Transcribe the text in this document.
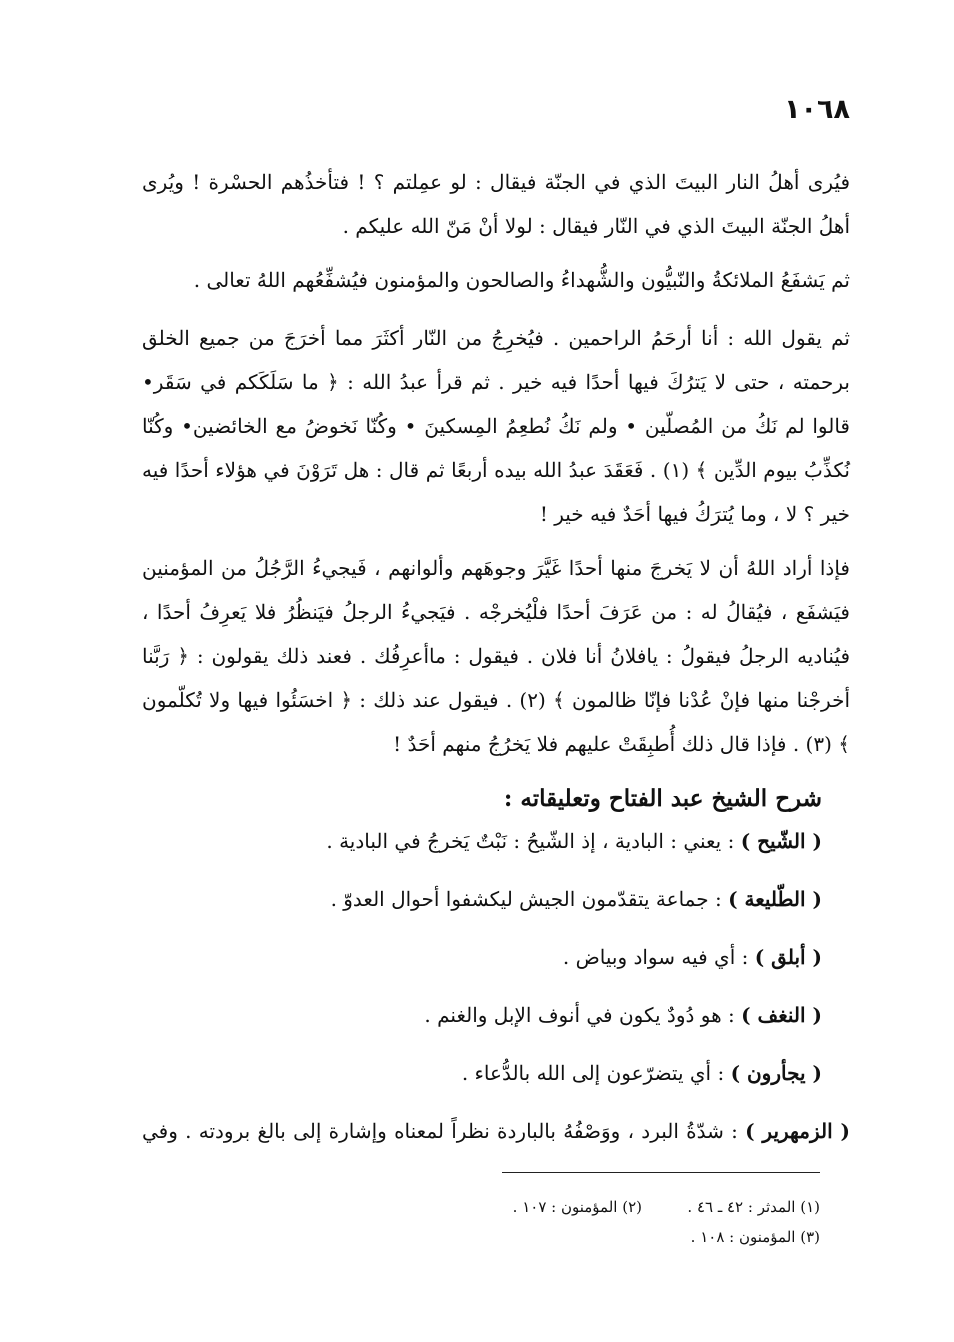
١٠٦٨

فيُرى أهلُ النار البيتَ الذي في الجنّة فيقال : لو عمِلتم ؟ ! فتأخذُهم الحسْرة ! ويُرى أهلُ الجنّة البيتَ الذي في النّار فيقال : لولا أنْ مَنّ الله عليكم .

ثم يَشفَعُ الملائكةُ والنّبيُّون والشُّهداءُ والصالحون والمؤمنون فيُشفِّعُهم اللهُ تعالى .

ثم يقول الله : أنا أرحَمُ الراحمين . فيُخرِجُ من النّار أكثَرَ مما أخرَجَ من جميع الخلق برحمته ، حتى لا يَترُكَ فيها أحدًا فيه خير . ثم قرأ عبدُ الله : ﴿ ما سَلَكَكم في سَقَر• قالوا لم نَكُ من المُصلّين • ولم نَكُ نُطعِمُ المِسكينَ • وكُنّا نَخوضُ مع الخائضين• وكُنّا نُكذِّبُ بيوم الدِّين ﴾ (١) . فَعَقَدَ عبدُ الله بيده أربعًا ثم قال : هل تَرَوْنَ في هؤلاء أحدًا فيه خير ؟ لا ، وما يُترَكُ فيها أحَدٌ فيه خير !

فإذا أراد اللهُ أن لا يَخرجَ منها أحدًا غَيَّرَ وجوهَهم وألوانهم ، فَيجيءُ الرَّجُلُ من المؤمنين فيَشفَع ، فيُقالُ له : من عَرَفَ أحدًا فلْيُخرجْه . فيَجيءُ الرجلُ فيَنظُرُ فلا يَعرِفُ أحدًا ، فيُناديه الرجلُ فيقولُ : يافلانُ أنا فلان . فيقول : ماأعرِفُك . فعند ذلك يقولون : ﴿ رَبَّنا أخرجْنا منها فإنْ عُدْنا فإنّا ظالمون ﴾ (٢) . فيقول عند ذلك : ﴿ اخسَئُوا فيها ولا تُكلّمون ﴾ (٣) . فإذا قال ذلك أُطبِقَتْ عليهم فلا يَخرُجُ منهم أحَدٌ !

شرح الشيخ عبد الفتاح وتعليقاته :
( الشّيح ) : يعني : البادية ، إذ الشّيحُ : نَبْتٌ يَخرجُ في البادية .
( الطّليعة ) : جماعة يتقدّمون الجيش ليكشفوا أحوال العدوّ .
( أبلق ) : أي فيه سواد وبياض .
( النغف ) : هو دُودٌ يكون في أنوف الإبل والغنم .
( يجأرون ) : أي يتضرّعون إلى الله بالدُّعاء .
( الزمهرير ) : شدّةُ البرد ، ووَصْفُهُ بالباردة نظراً لمعناه وإشارة إلى بالغ برودته . وفي
(١) المدثر : ٤٢ ـ ٤٦ .
(٢) المؤمنون : ١٠٧ .
(٣) المؤمنون : ١٠٨ .
